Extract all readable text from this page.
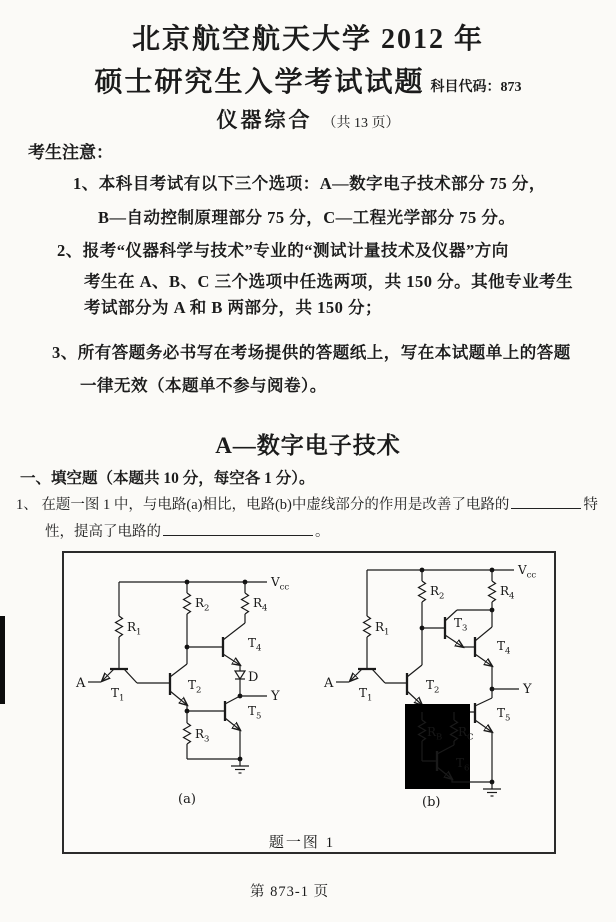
北京航空航天大学 2012 年
硕士研究生入学考试试题 科目代码：873
仪器综合 （共 13 页）
考生注意：
1、本科目考试有以下三个选项：A—数字电子技术部分 75 分，
B—自动控制原理部分 75 分，C—工程光学部分 75 分。
2、报考“仪器科学与技术”专业的“测试计量技术及仪器”方向
考生在 A、B、C 三个选项中任选两项，共 150 分。其他专业考生
考试部分为 A 和 B 两部分，共 150 分；
3、所有答题务必书写在考场提供的答题纸上，写在本试题单上的答题
一律无效（本题单不参与阅卷）。
A—数字电子技术
一、填空题（本题共 10 分，每空各 1 分）。
1、 在题一图 1 中，与电路(a)相比，电路(b)中虚线部分的作用是改善了电路的	特
性，提高了电路的	。
$V_{cc}$
$R_1$
$R_2$	$R_4$
A
$T_1$
$T_2$
$T_4$
D
Y
$T_5$
$R_3$
(a)
$V_{cc}$
$R_1$
$R_2$	$R_4$
A
$T_1$
$T_2$
$T_3$
$T_4$
Y
$T_5$
$R_B$ $R_C$
$T_6$
(b)
题一图 1
第 873-1 页
